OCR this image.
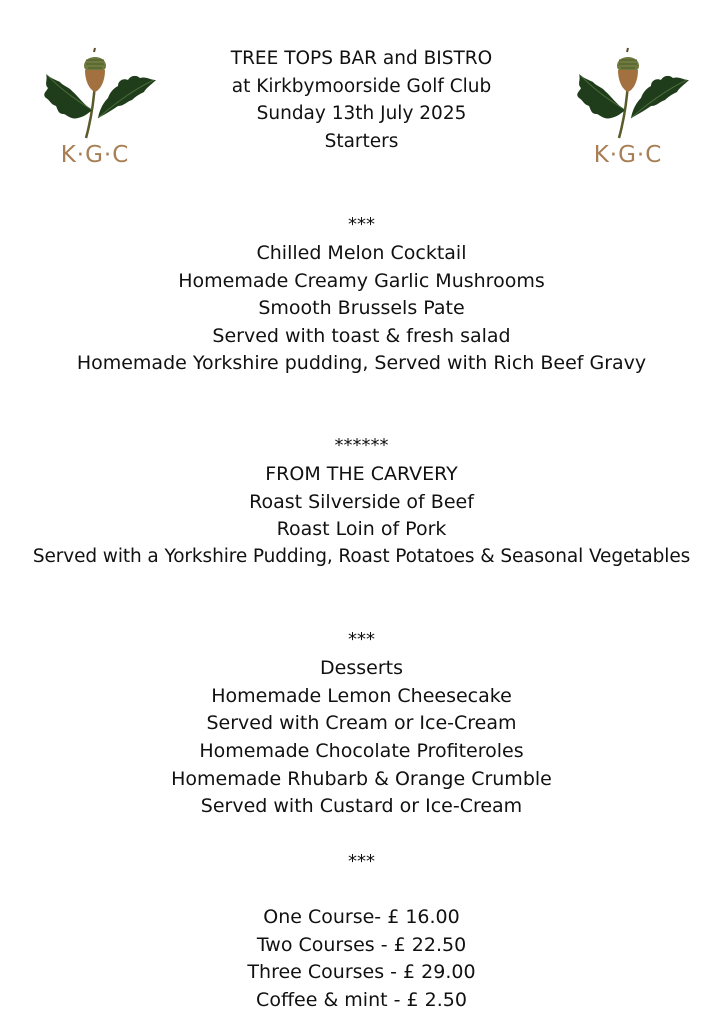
K·G·C	K·G·C
TREE TOPS BAR and BISTRO
at Kirkbymoorside Golf Club
Sunday 13th July 2025
Starters
***
Chilled Melon Cocktail
Homemade Creamy Garlic Mushrooms
Smooth Brussels Pate
Served with toast & fresh salad
Homemade Yorkshire pudding, Served with Rich Beef Gravy
******
FROM THE CARVERY
Roast Silverside of Beef
Roast Loin of Pork
Served with a Yorkshire Pudding, Roast Potatoes & Seasonal Vegetables
***
Desserts
Homemade Lemon Cheesecake
Served with Cream or Ice-Cream
Homemade Chocolate Profiteroles
Homemade Rhubarb & Orange Crumble
Served with Custard or Ice-Cream
***
One Course- £ 16.00
Two Courses - £ 22.50
Three Courses - £ 29.00
Coffee & mint - £ 2.50
